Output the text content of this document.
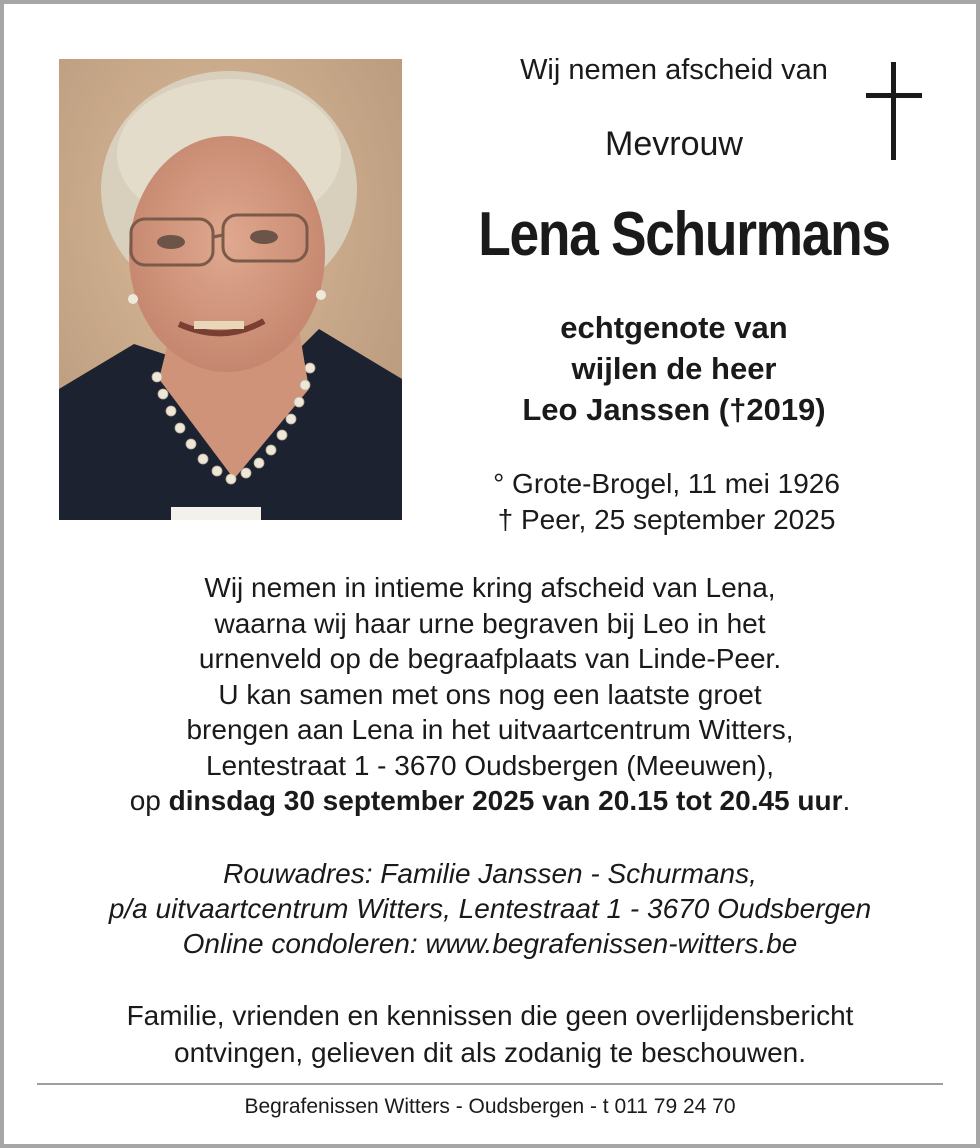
Wij nemen afscheid van
Mevrouw
Lena Schurmans
echtgenote van
wijlen de heer
Leo Janssen (†2019)
° Grote-Brogel, 11 mei 1926
† Peer, 25 september 2025
Wij nemen in intieme kring afscheid van Lena,
waarna wij haar urne begraven bij Leo in het
urnenveld op de begraafplaats van Linde-Peer.
U kan samen met ons nog een laatste groet
brengen aan Lena in het uitvaartcentrum Witters,
Lentestraat 1 - 3670 Oudsbergen (Meeuwen),
op dinsdag 30 september 2025 van 20.15 tot 20.45 uur.
Rouwadres: Familie Janssen - Schurmans,
p/a uitvaartcentrum Witters, Lentestraat 1 - 3670 Oudsbergen
Online condoleren: www.begrafenissen-witters.be
Familie, vrienden en kennissen die geen overlijdensbericht
ontvingen, gelieven dit als zodanig te beschouwen.
Begrafenissen Witters - Oudsbergen - t 011 79 24 70
